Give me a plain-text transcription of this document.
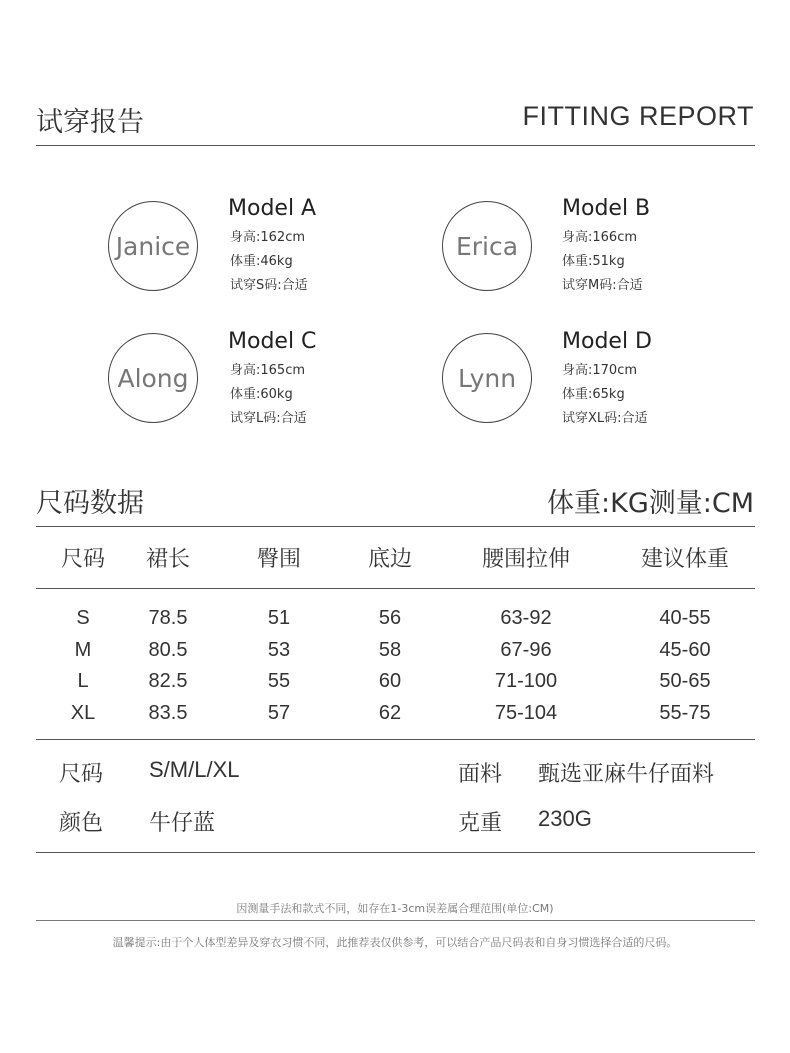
试穿报告	FITTING REPORT
Janice
Model A
身高:162cm
体重:46kg
试穿S码:合适
Erica
Model B
身高:166cm
体重:51kg
试穿M码:合适
Along
Model C
身高:165cm
体重:60kg
试穿L码:合适
Lynn
Model D
身高:170cm
体重:65kg
试穿XL码:合适
尺码数据	体重:KG测量:CM
尺码	裙长	臀围	底边	腰围拉伸	建议体重
S	78.5	51	56	63-92	40-55
M	80.5	53	58	67-96	45-60
L	82.5	55	60	71-100	50-65
XL	83.5	57	62	75-104	55-75
尺码 S/M/L/XL	面料 甄选亚麻牛仔面料
颜色 牛仔蓝	克重 230G
因测量手法和款式不同，如存在1-3cm误差属合理范围(单位:CM)
温馨提示:由于个人体型差异及穿衣习惯不同，此推荐表仅供参考，可以结合产品尺码表和自身习惯选择合适的尺码。
